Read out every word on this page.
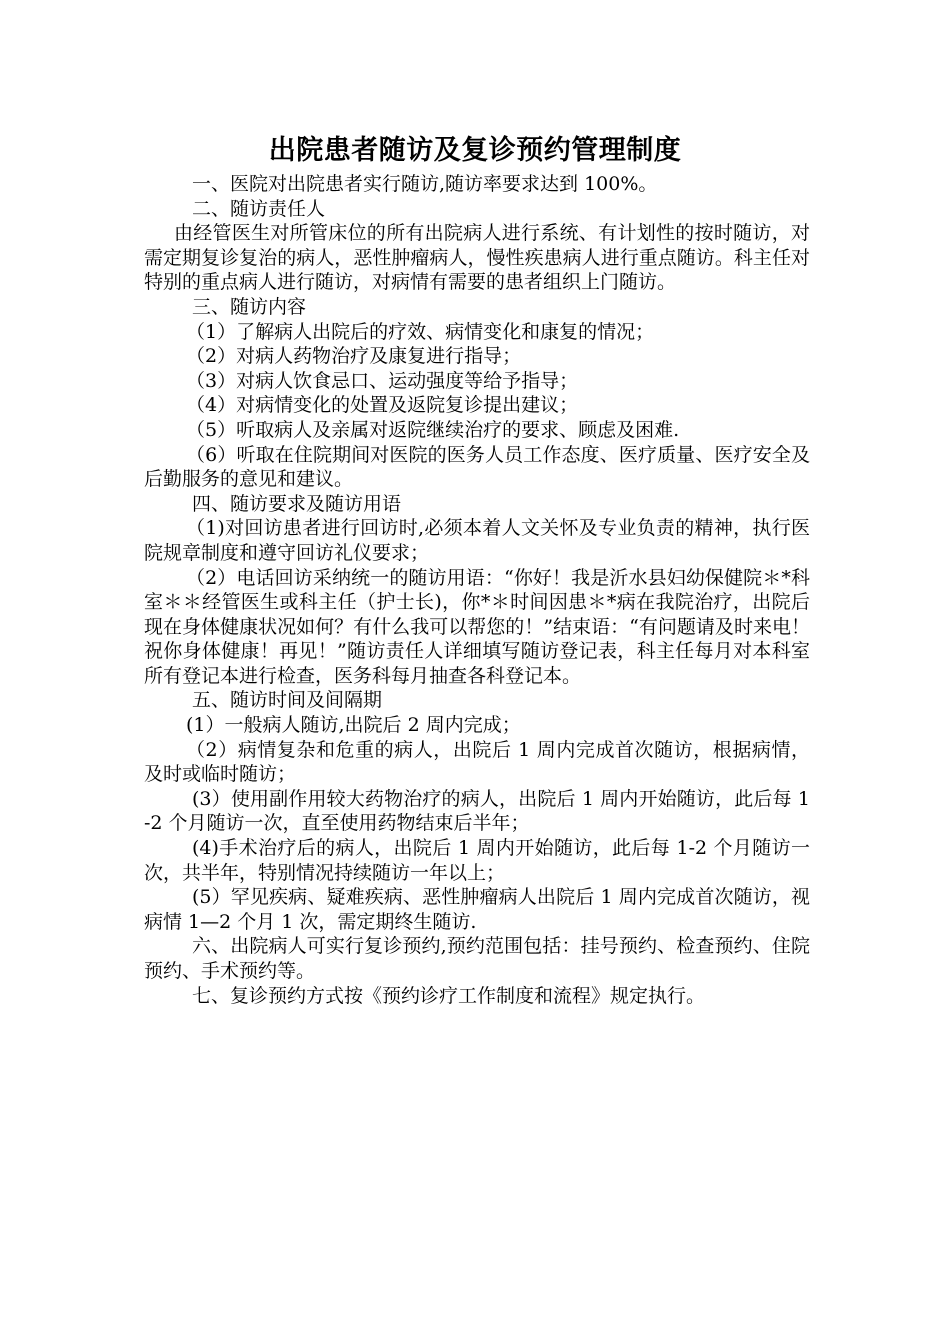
出院患者随访及复诊预约管理制度

一、医院对出院患者实行随访,随访率要求达到 100%。

二、随访责任人

由经管医生对所管床位的所有出院病人进行系统、有计划性的按时随访，对需定期复诊复治的病人，恶性肿瘤病人，慢性疾患病人进行重点随访。科主任对特别的重点病人进行随访，对病情有需要的患者组织上门随访。

三、随访内容

（1）了解病人出院后的疗效、病情变化和康复的情况；

（2）对病人药物治疗及康复进行指导；

（3）对病人饮食忌口、运动强度等给予指导；

（4）对病情变化的处置及返院复诊提出建议；

（5）听取病人及亲属对返院继续治疗的要求、顾虑及困难.

（6）听取在住院期间对医院的医务人员工作态度、医疗质量、医疗安全及后勤服务的意见和建议。

四、随访要求及随访用语

（1)对回访患者进行回访时,必须本着人文关怀及专业负责的精神，执行医院规章制度和遵守回访礼仪要求；

（2）电话回访采纳统一的随访用语：“你好！我是沂水县妇幼保健院＊*科室＊＊经管医生或科主任（护士长)，你*＊时间因患＊*病在我院治疗，出院后现在身体健康状况如何？有什么我可以帮您的！”结束语：“有问题请及时来电！祝你身体健康！再见！”随访责任人详细填写随访登记表，科主任每月对本科室所有登记本进行检查，医务科每月抽查各科登记本。

五、随访时间及间隔期

(1）一般病人随访,出院后 2 周内完成；

（2）病情复杂和危重的病人，出院后 1 周内完成首次随访，根据病情，及时或临时随访；

(3）使用副作用较大药物治疗的病人，出院后 1 周内开始随访，此后每 1-2 个月随访一次，直至使用药物结束后半年；

(4)手术治疗后的病人，出院后 1 周内开始随访，此后每 1-2 个月随访一次，共半年，特别情况持续随访一年以上；

(5）罕见疾病、疑难疾病、恶性肿瘤病人出院后 1 周内完成首次随访，视病情 1—2 个月 1 次，需定期终生随访.

六、出院病人可实行复诊预约,预约范围包括：挂号预约、检查预约、住院预约、手术预约等。

七、复诊预约方式按《预约诊疗工作制度和流程》规定执行。
